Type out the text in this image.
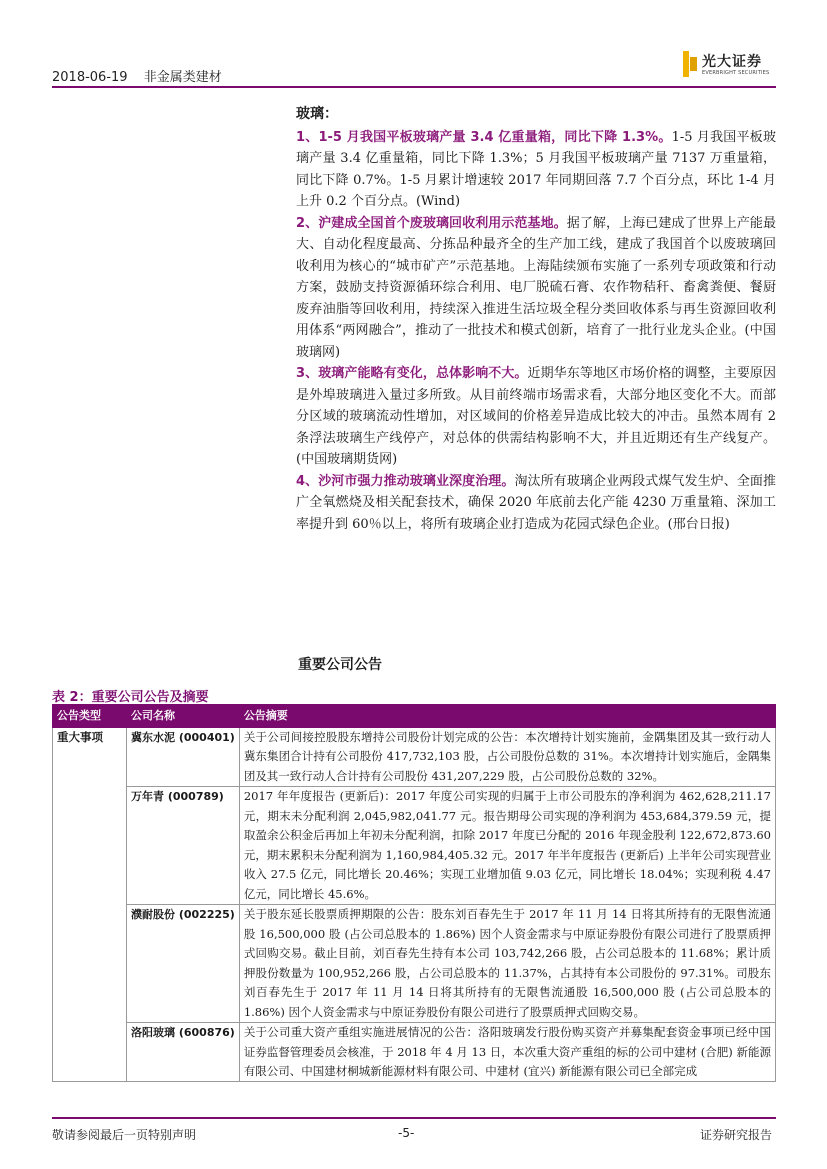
2018-06-19 非金属类建材
光大证券
EVERBRIGHT SECURITIES
玻璃：

1、1-5 月我国平板玻璃产量 3.4 亿重量箱，同比下降 1.3%。1-5 月我国平板玻璃产量 3.4 亿重量箱，同比下降 1.3%；5 月我国平板玻璃产量 7137 万重量箱，同比下降 0.7%。1-5 月累计增速较 2017 年同期回落 7.7 个百分点，环比 1-4 月上升 0.2 个百分点。(Wind)

2、沪建成全国首个废玻璃回收利用示范基地。据了解，上海已建成了世界上产能最大、自动化程度最高、分拣品种最齐全的生产加工线，建成了我国首个以废玻璃回收利用为核心的“城市矿产”示范基地。上海陆续颁布实施了一系列专项政策和行动方案，鼓励支持资源循环综合利用、电厂脱硫石膏、农作物秸秆、畜禽粪便、餐厨废弃油脂等回收利用，持续深入推进生活垃圾全程分类回收体系与再生资源回收利用体系“两网融合”，推动了一批技术和模式创新，培育了一批行业龙头企业。(中国玻璃网)

3、玻璃产能略有变化，总体影响不大。近期华东等地区市场价格的调整，主要原因是外埠玻璃进入量过多所致。从目前终端市场需求看，大部分地区变化不大。而部分区域的玻璃流动性增加，对区域间的价格差异造成比较大的冲击。虽然本周有 2 条浮法玻璃生产线停产，对总体的供需结构影响不大，并且近期还有生产线复产。(中国玻璃期货网)

4、沙河市强力推动玻璃业深度治理。淘汰所有玻璃企业两段式煤气发生炉、全面推广全氧燃烧及相关配套技术，确保 2020 年底前去化产能 4230 万重量箱、深加工率提升到 60％以上，将所有玻璃企业打造成为花园式绿色企业。(邢台日报)

重要公司公告
表 2：重要公司公告及摘要
公告类型	公司名称	公告摘要
重大事项	冀东水泥 (000401)	关于公司间接控股股东增持公司股份计划完成的公告：本次增持计划实施前，金隅集团及其一致行动人冀东集团合计持有公司股份 417,732,103 股，占公司股份总数的 31%。本次增持计划实施后，金隅集团及其一致行动人合计持有公司股份 431,207,229 股，占公司股份总数的 32%。
	万年青 (000789)	2017 年年度报告 (更新后)：2017 年度公司实现的归属于上市公司股东的净利润为 462,628,211.17 元，期末未分配利润 2,045,982,041.77 元。报告期母公司实现的净利润为 453,684,379.59 元，提取盈余公积金后再加上年初未分配利润，扣除 2017 年度已分配的 2016 年现金股利 122,672,873.60 元，期末累积未分配利润为 1,160,984,405.32 元。2017 年半年度报告 (更新后) 上半年公司实现营业收入 27.5 亿元，同比增长 20.46%；实现工业增加值 9.03 亿元，同比增长 18.04%；实现利税 4.47 亿元，同比增长 45.6%。
	濮耐股份 (002225)	关于股东延长股票质押期限的公告：股东刘百春先生于 2017 年 11 月 14 日将其所持有的无限售流通股 16,500,000 股 (占公司总股本的 1.86%) 因个人资金需求与中原证券股份有限公司进行了股票质押式回购交易。截止目前，刘百春先生持有本公司 103,742,266 股，占公司总股本的 11.68%；累计质押股份数量为 100,952,266 股，占公司总股本的 11.37%，占其持有本公司股份的 97.31%。司股东刘百春先生于 2017 年 11 月 14 日将其所持有的无限售流通股 16,500,000 股 (占公司总股本的 1.86%) 因个人资金需求与中原证券股份有限公司进行了股票质押式回购交易。
	洛阳玻璃 (600876)	关于公司重大资产重组实施进展情况的公告：洛阳玻璃发行股份购买资产并募集配套资金事项已经中国证券监督管理委员会核准，于 2018 年 4 月 13 日，本次重大资产重组的标的公司中建材 (合肥) 新能源有限公司、中国建材桐城新能源材料有限公司、中建材 (宜兴) 新能源有限公司已全部完成
敬请参阅最后一页特别声明	-5-	证券研究报告
